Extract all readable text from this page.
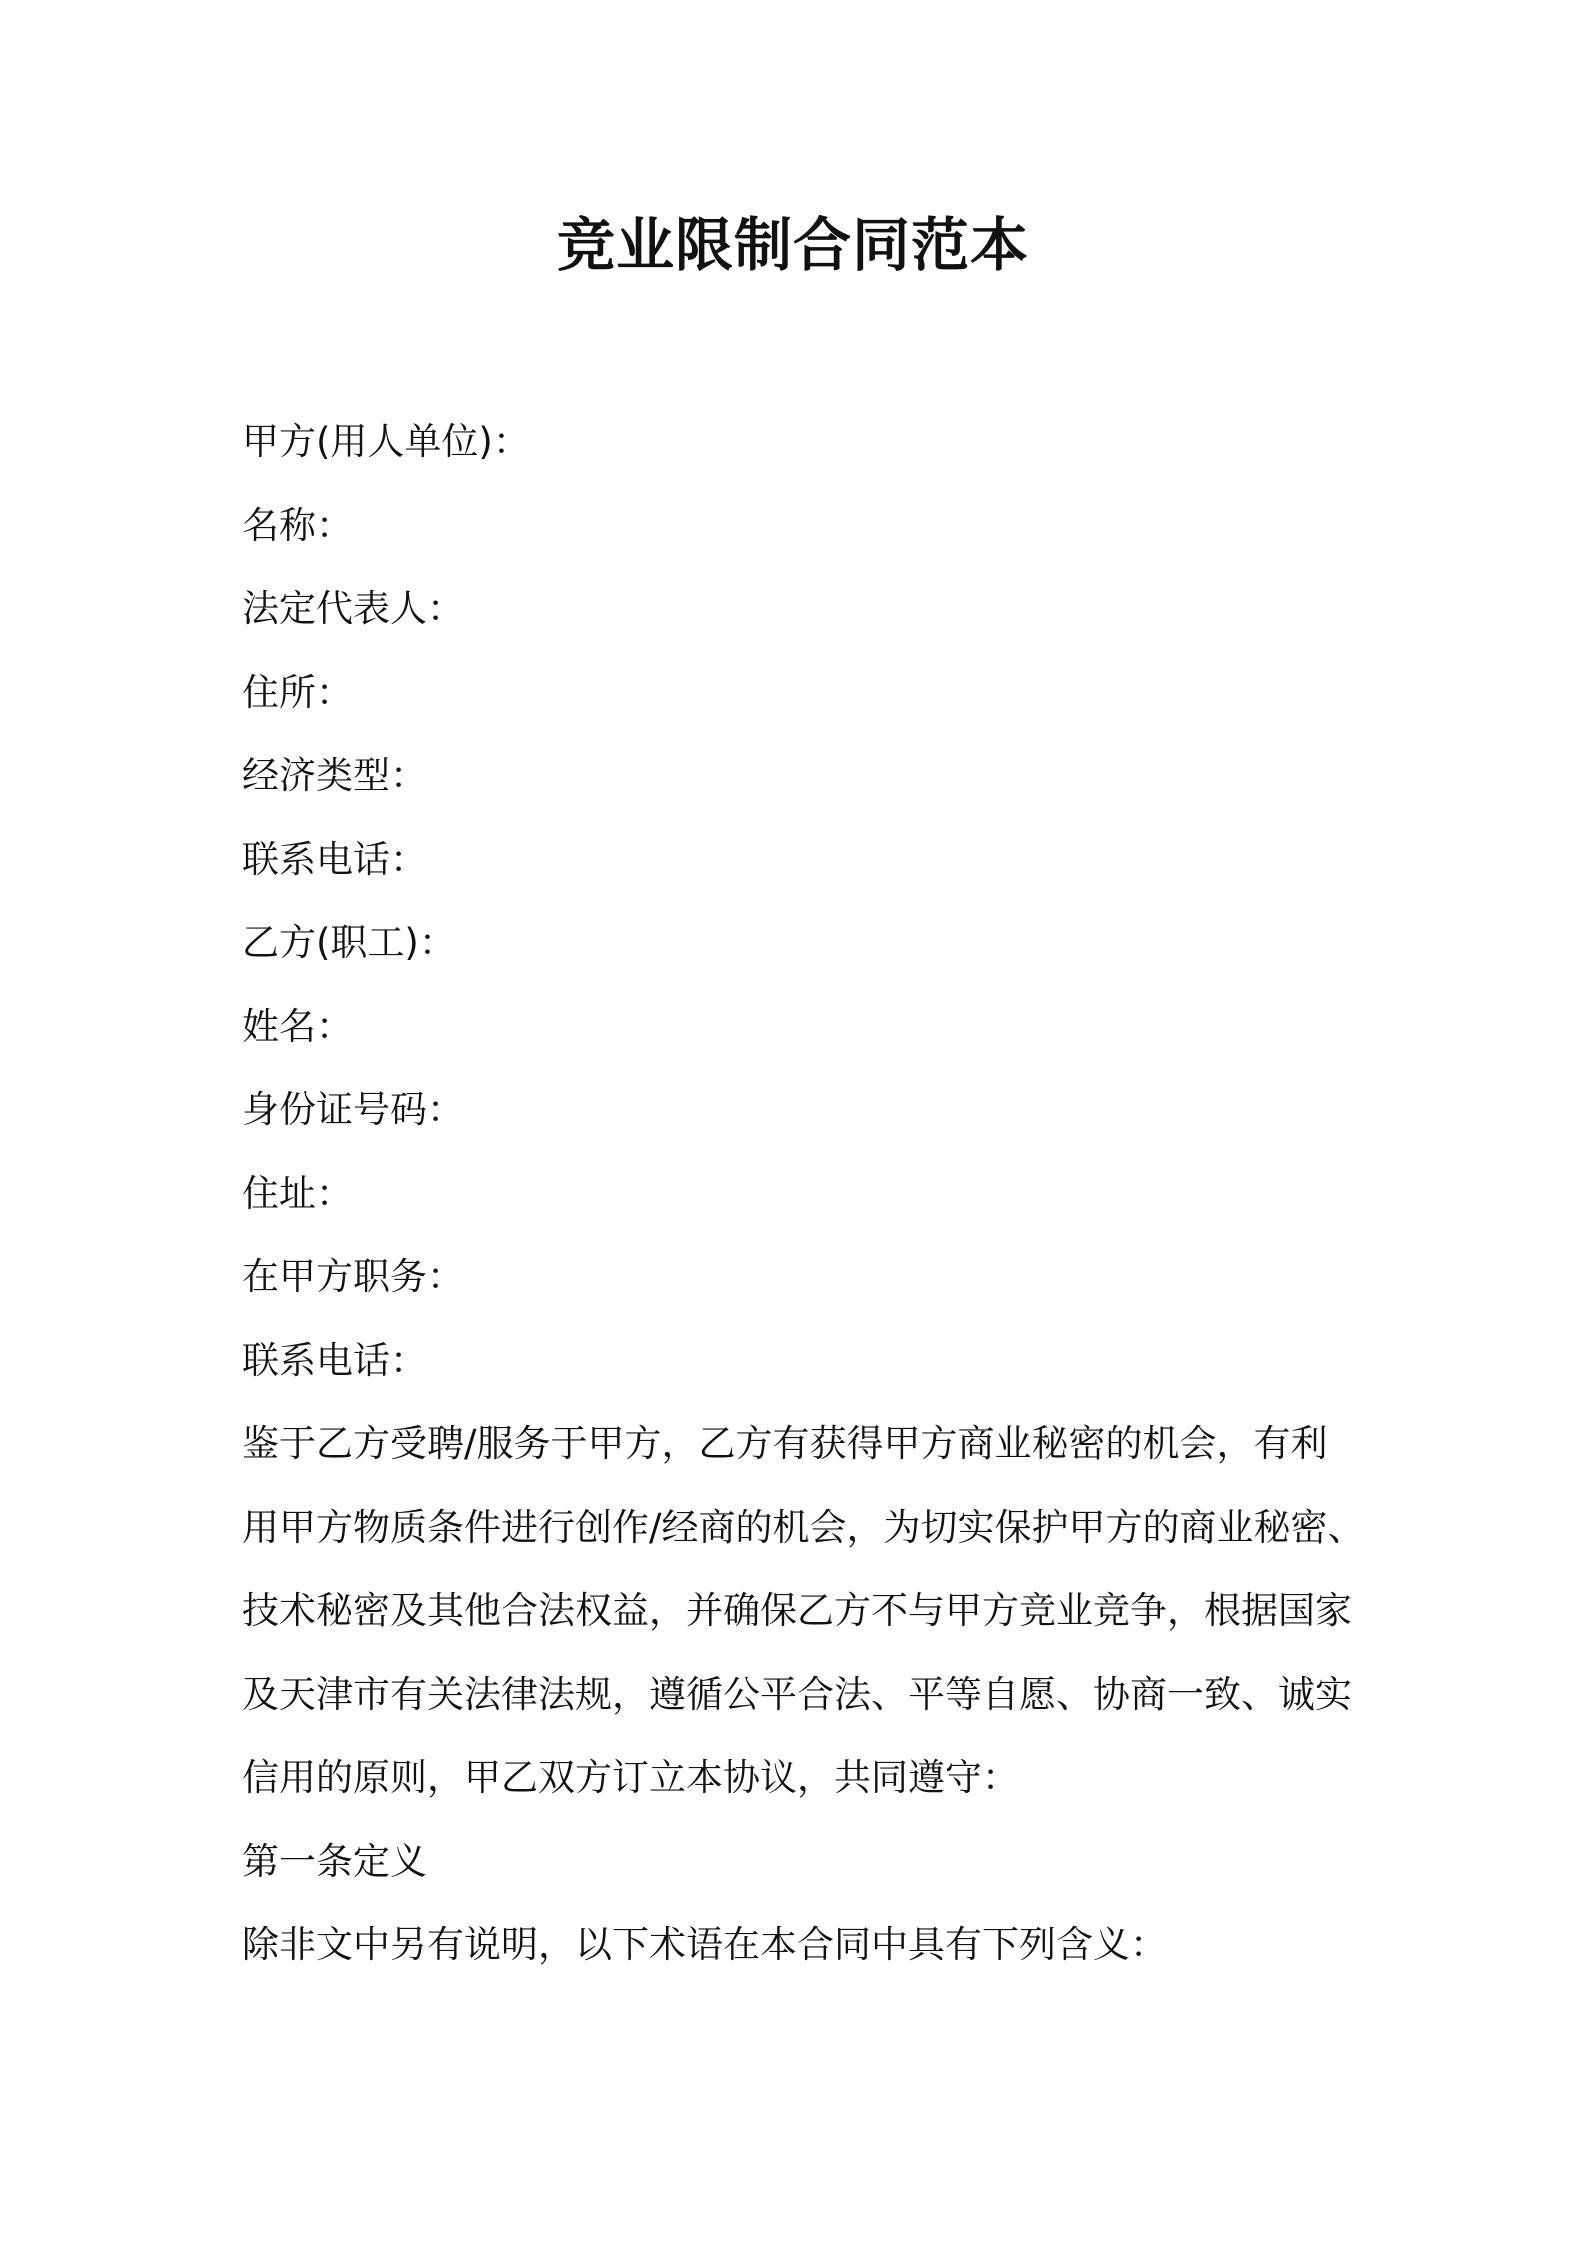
竞业限制合同范本
甲方(用人单位)：
名称：
法定代表人：
住所：
经济类型：
联系电话：
乙方(职工)：
姓名：
身份证号码：
住址：
在甲方职务：
联系电话：
鉴于乙方受聘/服务于甲方，乙方有获得甲方商业秘密的机会，有利
用甲方物质条件进行创作/经商的机会，为切实保护甲方的商业秘密、
技术秘密及其他合法权益，并确保乙方不与甲方竞业竞争，根据国家
及天津市有关法律法规，遵循公平合法、平等自愿、协商一致、诚实
信用的原则，甲乙双方订立本协议，共同遵守：
第一条定义
除非文中另有说明，以下术语在本合同中具有下列含义：
